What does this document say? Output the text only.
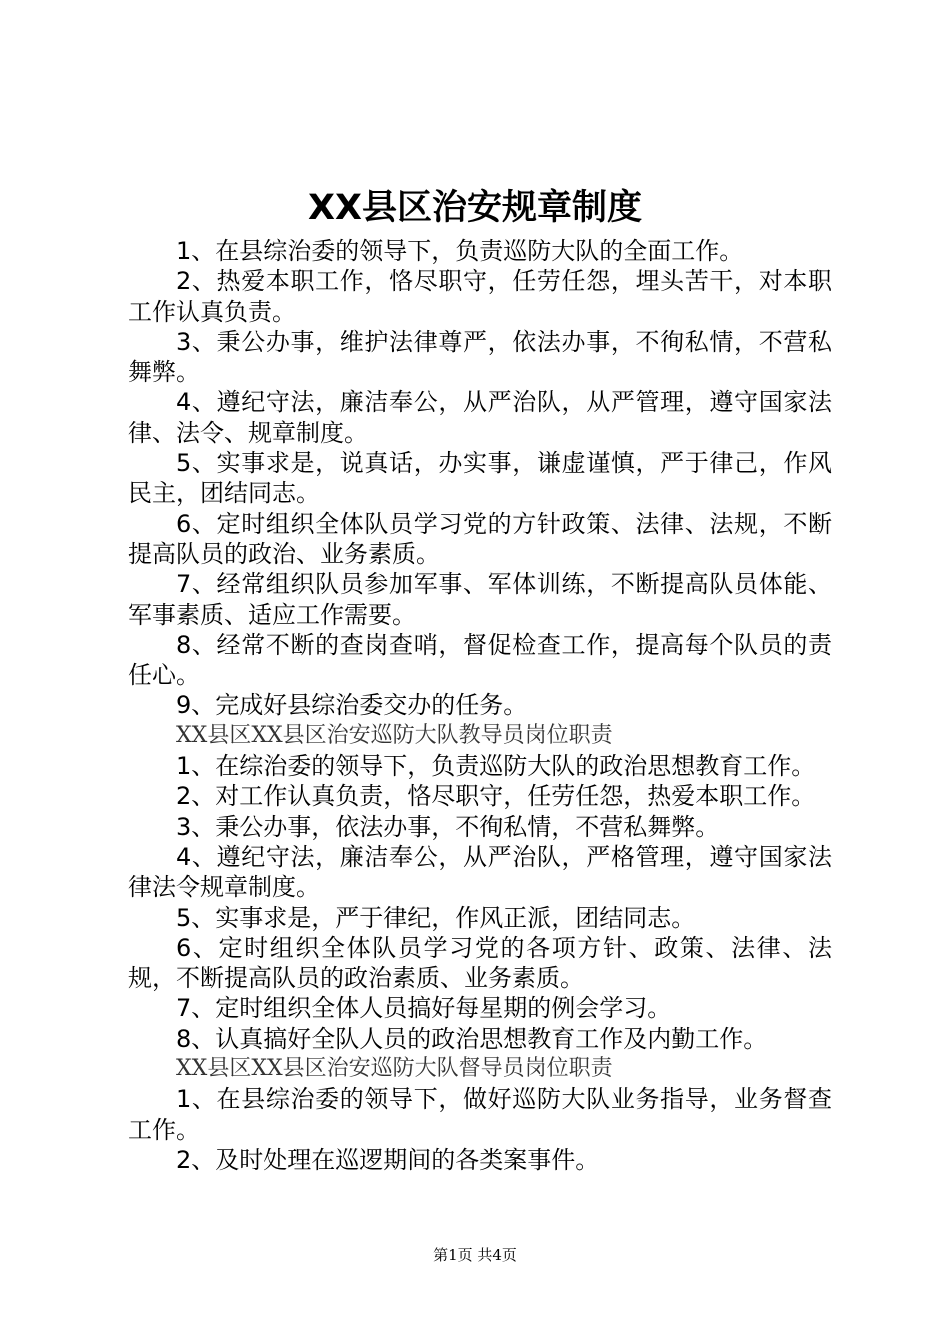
XX县区治安规章制度

1、在县综治委的领导下，负责巡防大队的全面工作。

2、热爱本职工作，恪尽职守，任劳任怨，埋头苦干，对本职工作认真负责。

3、秉公办事，维护法律尊严，依法办事，不徇私情，不营私舞弊。

4、遵纪守法，廉洁奉公，从严治队，从严管理，遵守国家法律、法令、规章制度。

5、实事求是，说真话，办实事，谦虚谨慎，严于律己，作风民主，团结同志。

6、定时组织全体队员学习党的方针政策、法律、法规，不断提高队员的政治、业务素质。

7、经常组织队员参加军事、军体训练，不断提高队员体能、军事素质、适应工作需要。

8、经常不断的查岗查哨，督促检查工作，提高每个队员的责任心。

9、完成好县综治委交办的任务。

XX县区XX县区治安巡防大队教导员岗位职责

1、在综治委的领导下，负责巡防大队的政治思想教育工作。

2、对工作认真负责，恪尽职守，任劳任怨，热爱本职工作。

3、秉公办事，依法办事，不徇私情，不营私舞弊。

4、遵纪守法，廉洁奉公，从严治队，严格管理，遵守国家法律法令规章制度。

5、实事求是，严于律纪，作风正派，团结同志。

6、定时组织全体队员学习党的各项方针、政策、法律、法规，不断提高队员的政治素质、业务素质。

7、定时组织全体人员搞好每星期的例会学习。

8、认真搞好全队人员的政治思想教育工作及内勤工作。

XX县区XX县区治安巡防大队督导员岗位职责

1、在县综治委的领导下，做好巡防大队业务指导，业务督查工作。

2、及时处理在巡逻期间的各类案事件。

第1页 共4页
